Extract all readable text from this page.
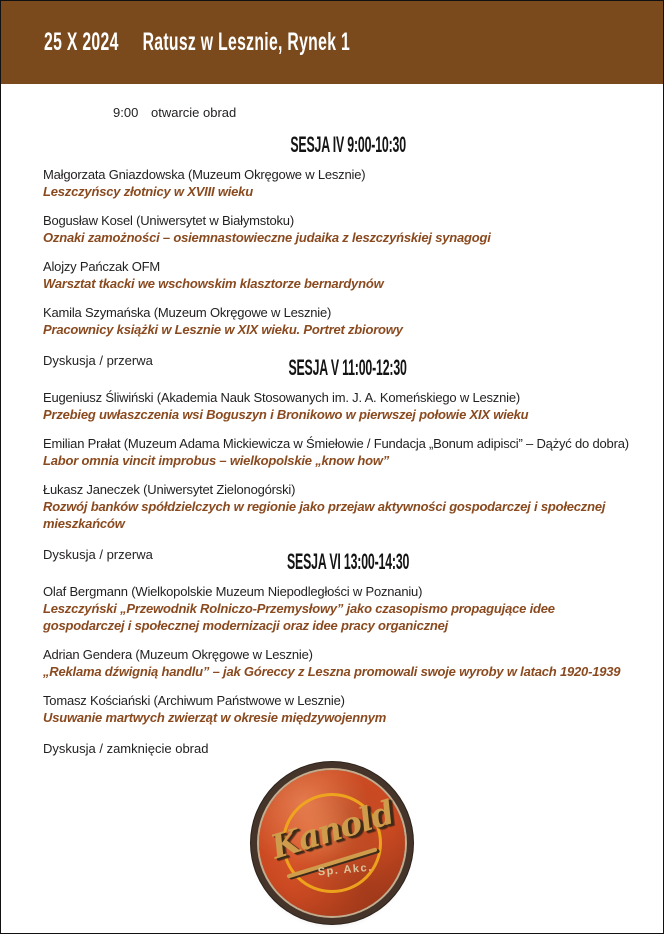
25 X 2024 Ratusz w Lesznie, Rynek 1
9:00 otwarcie obrad
SESJA IV 9:00-10:30
Małgorzata Gniazdowska (Muzeum Okręgowe w Lesznie)
Leszczyńscy złotnicy w XVIII wieku
Bogusław Kosel (Uniwersytet w Białymstoku)
Oznaki zamożności – osiemnastowieczne judaika z leszczyńskiej synagogi
Alojzy Pańczak OFM
Warsztat tkacki we wschowskim klasztorze bernardynów
Kamila Szymańska (Muzeum Okręgowe w Lesznie)
Pracownicy książki w Lesznie w XIX wieku. Portret zbiorowy
Dyskusja / przerwa	SESJA V 11:00-12:30
Eugeniusz Śliwiński (Akademia Nauk Stosowanych im. J. A. Komeńskiego w Lesznie)
Przebieg uwłaszczenia wsi Boguszyn i Bronikowo w pierwszej połowie XIX wieku
Emilian Prałat (Muzeum Adama Mickiewicza w Śmiełowie / Fundacja „Bonum adipisci” – Dążyć do dobra)
Labor omnia vincit improbus – wielkopolskie „know how”
Łukasz Janeczek (Uniwersytet Zielonogórski)
Rozwój banków spółdzielczych w regionie jako przejaw aktywności gospodarczej i społecznej mieszkańców
Dyskusja / przerwa	SESJA VI 13:00-14:30
Olaf Bergmann (Wielkopolskie Muzeum Niepodległości w Poznaniu)
Leszczyński „Przewodnik Rolniczo-Przemysłowy” jako czasopismo propagujące idee gospodarczej i społecznej modernizacji oraz idee pracy organicznej
Adrian Gendera (Muzeum Okręgowe w Lesznie)
„Reklama dźwignią handlu” – jak Góreccy z Leszna promowali swoje wyroby w latach 1920-1939
Tomasz Kościański (Archiwum Państwowe w Lesznie)
Usuwanie martwych zwierząt w okresie międzywojennym
Dyskusja / zamknięcie obrad
Kanold
Sp. Akc.
